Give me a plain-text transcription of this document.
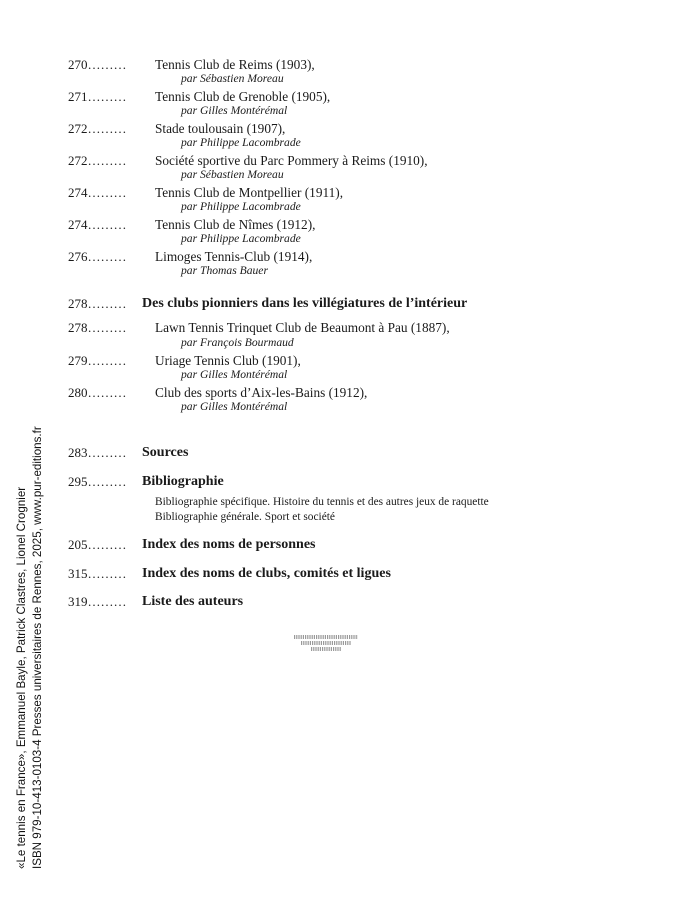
270……… Tennis Club de Reims (1903),
par Sébastien Moreau
271……… Tennis Club de Grenoble (1905),
par Gilles Montérémal
272……… Stade toulousain (1907),
par Philippe Lacombrade
272……… Société sportive du Parc Pommery à Reims (1910),
par Sébastien Moreau
274……… Tennis Club de Montpellier (1911),
par Philippe Lacombrade
274……… Tennis Club de Nîmes (1912),
par Philippe Lacombrade
276……… Limoges Tennis-Club (1914),
par Thomas Bauer
278……… Des clubs pionniers dans les villégiatures de l’intérieur
278……… Lawn Tennis Trinquet Club de Beaumont à Pau (1887),
par François Bourmaud
279……… Uriage Tennis Club (1901),
par Gilles Montérémal
280……… Club des sports d’Aix-les-Bains (1912),
par Gilles Montérémal
283……… Sources
295……… Bibliographie
Bibliographie spécifique. Histoire du tennis et des autres jeux de raquette
Bibliographie générale. Sport et société
205……… Index des noms de personnes
315……… Index des noms de clubs, comités et ligues
319……… Liste des auteurs
«Le tennis en France», Emmanuel Bayle, Patrick Clastres, Lionel Crognier ISBN 979-10-413-0103-4 Presses universitaires de Rennes, 2025, www.pur-editions.fr
